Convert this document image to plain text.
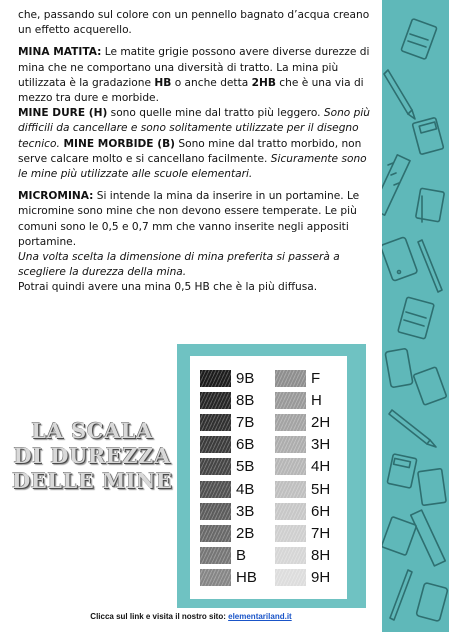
che, passando sul colore con un pennello bagnato d’acqua creano un effetto acquerello.

MINA MATITA: Le matite grigie possono avere diverse durezze di mina che ne comportano una diversità di tratto. La mina più utilizzata è la gradazione HB o anche detta 2HB che è una via di mezzo tra dure e morbide.

MINE DURE (H) sono quelle mine dal tratto più leggero. Sono più difficili da cancellare e sono solitamente utilizzate per il disegno tecnico. MINE MORBIDE (B) Sono mine dal tratto morbido, non serve calcare molto e si cancellano facilmente. Sicuramente sono le mine più utilizzate alle scuole elementari.

MICROMINA: Si intende la mina da inserire in un portamine. Le micromine sono mine che non devono essere temperate. Le più comuni sono le 0,5 e 0,7 mm che vanno inserite negli appositi portamine.

Una volta scelta la dimensione di mina preferita si passerà a scegliere la durezza della mina.

Potrai quindi avere una mina 0,5 HB che è la più diffusa.

LA SCALA
DI DUREZZA
DELLE MINE
9B
8B
7B
6B
5B
4B
3B
2B
B
HB
F
H
2H
3H
4H
5H
6H
7H
8H
9H
Clicca sul link e visita il nostro sito: elementariland.it
